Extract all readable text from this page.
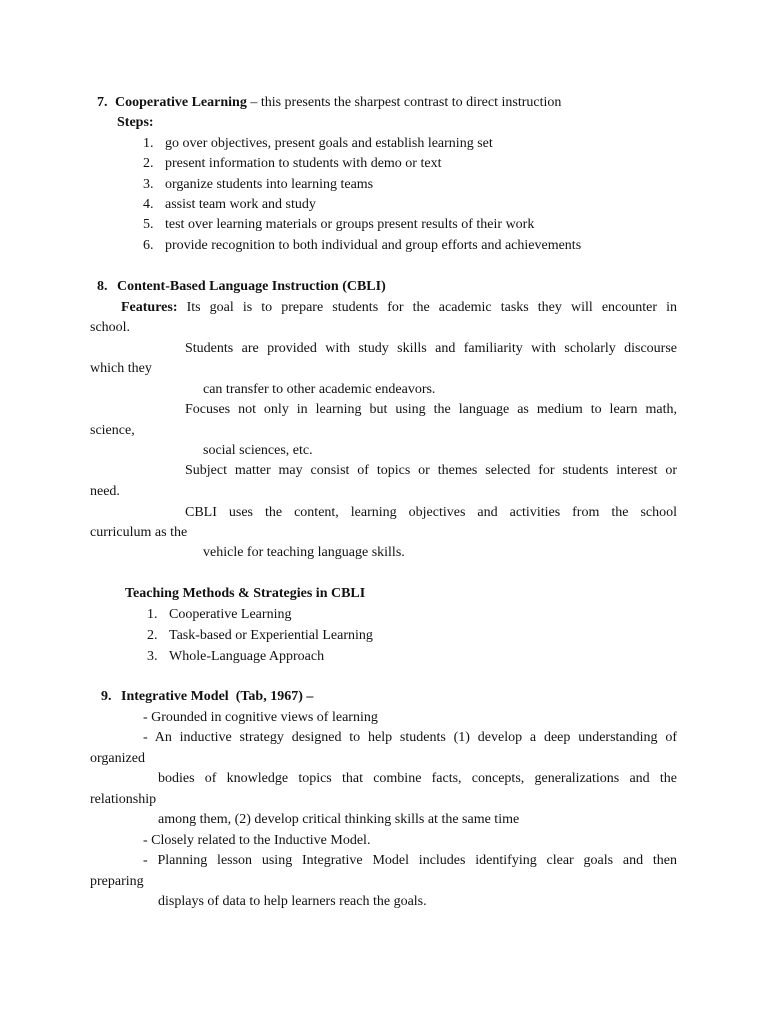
7. Cooperative Learning – this presents the sharpest contrast to direct instruction
Steps:
1. go over objectives, present goals and establish learning set
2. present information to students with demo or text
3. organize students into learning teams
4. assist team work and study
5. test over learning materials or groups present results of their work
6. provide recognition to both individual and group efforts and achievements
8. Content-Based Language Instruction (CBLI)
Features: Its goal is to prepare students for the academic tasks they will encounter in
school.
Students are provided with study skills and familiarity with scholarly discourse
which they
can transfer to other academic endeavors.
Focuses not only in learning but using the language as medium to learn math,
science,
social sciences, etc.
Subject matter may consist of topics or themes selected for students interest or
need.
CBLI uses the content, learning objectives and activities from the school
curriculum as the
vehicle for teaching language skills.
Teaching Methods & Strategies in CBLI
1. Cooperative Learning
2. Task-based or Experiential Learning
3. Whole-Language Approach
9. Integrative Model  (Tab, 1967) –
- Grounded in cognitive views of learning
- An inductive strategy designed to help students (1) develop a deep understanding of
organized
bodies of knowledge topics that combine facts, concepts, generalizations and the
relationship
among them, (2) develop critical thinking skills at the same time
- Closely related to the Inductive Model.
- Planning lesson using Integrative Model includes identifying clear goals and then
preparing
displays of data to help learners reach the goals.
